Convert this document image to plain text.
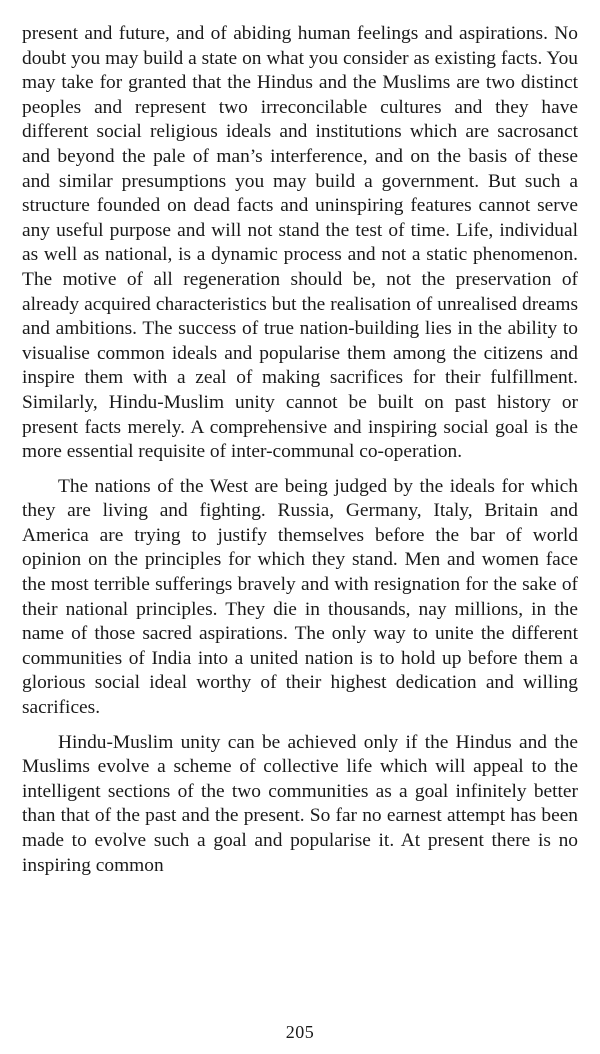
present and future, and of abiding human feelings and aspirations. No doubt you may build a state on what you consider as existing facts. You may take for granted that the Hindus and the Muslims are two distinct peoples and represent two irreconcilable cultures and they have different social religious ideals and institutions which are sacrosanct and beyond the pale of man’s interference, and on the basis of these and similar presumptions you may build a government. But such a structure founded on dead facts and uninspiring features cannot serve any useful purpose and will not stand the test of time. Life, individual as well as national, is a dynamic process and not a static phenomenon. The motive of all regeneration should be, not the preservation of already acquired characteristics but the realisation of unrealised dreams and ambitions. The success of true nation-building lies in the ability to visualise common ideals and popularise them among the citizens and inspire them with a zeal of making sacrifices for their fulfillment. Similarly, Hindu-Muslim unity cannot be built on past history or present facts merely. A comprehensive and inspiring social goal is the more essential requisite of inter-communal co-operation.

The nations of the West are being judged by the ideals for which they are living and fighting. Russia, Germany, Italy, Britain and America are trying to justify themselves before the bar of world opinion on the principles for which they stand. Men and women face the most terrible sufferings bravely and with resignation for the sake of their national principles. They die in thousands, nay millions, in the name of those sacred aspirations. The only way to unite the different communities of India into a united nation is to hold up before them a glorious social ideal worthy of their highest dedication and willing sacrifices.

Hindu-Muslim unity can be achieved only if the Hindus and the Muslims evolve a scheme of collective life which will appeal to the intelligent sections of the two communities as a goal infinitely better than that of the past and the present. So far no earnest attempt has been made to evolve such a goal and popularise it. At present there is no inspiring common

205
